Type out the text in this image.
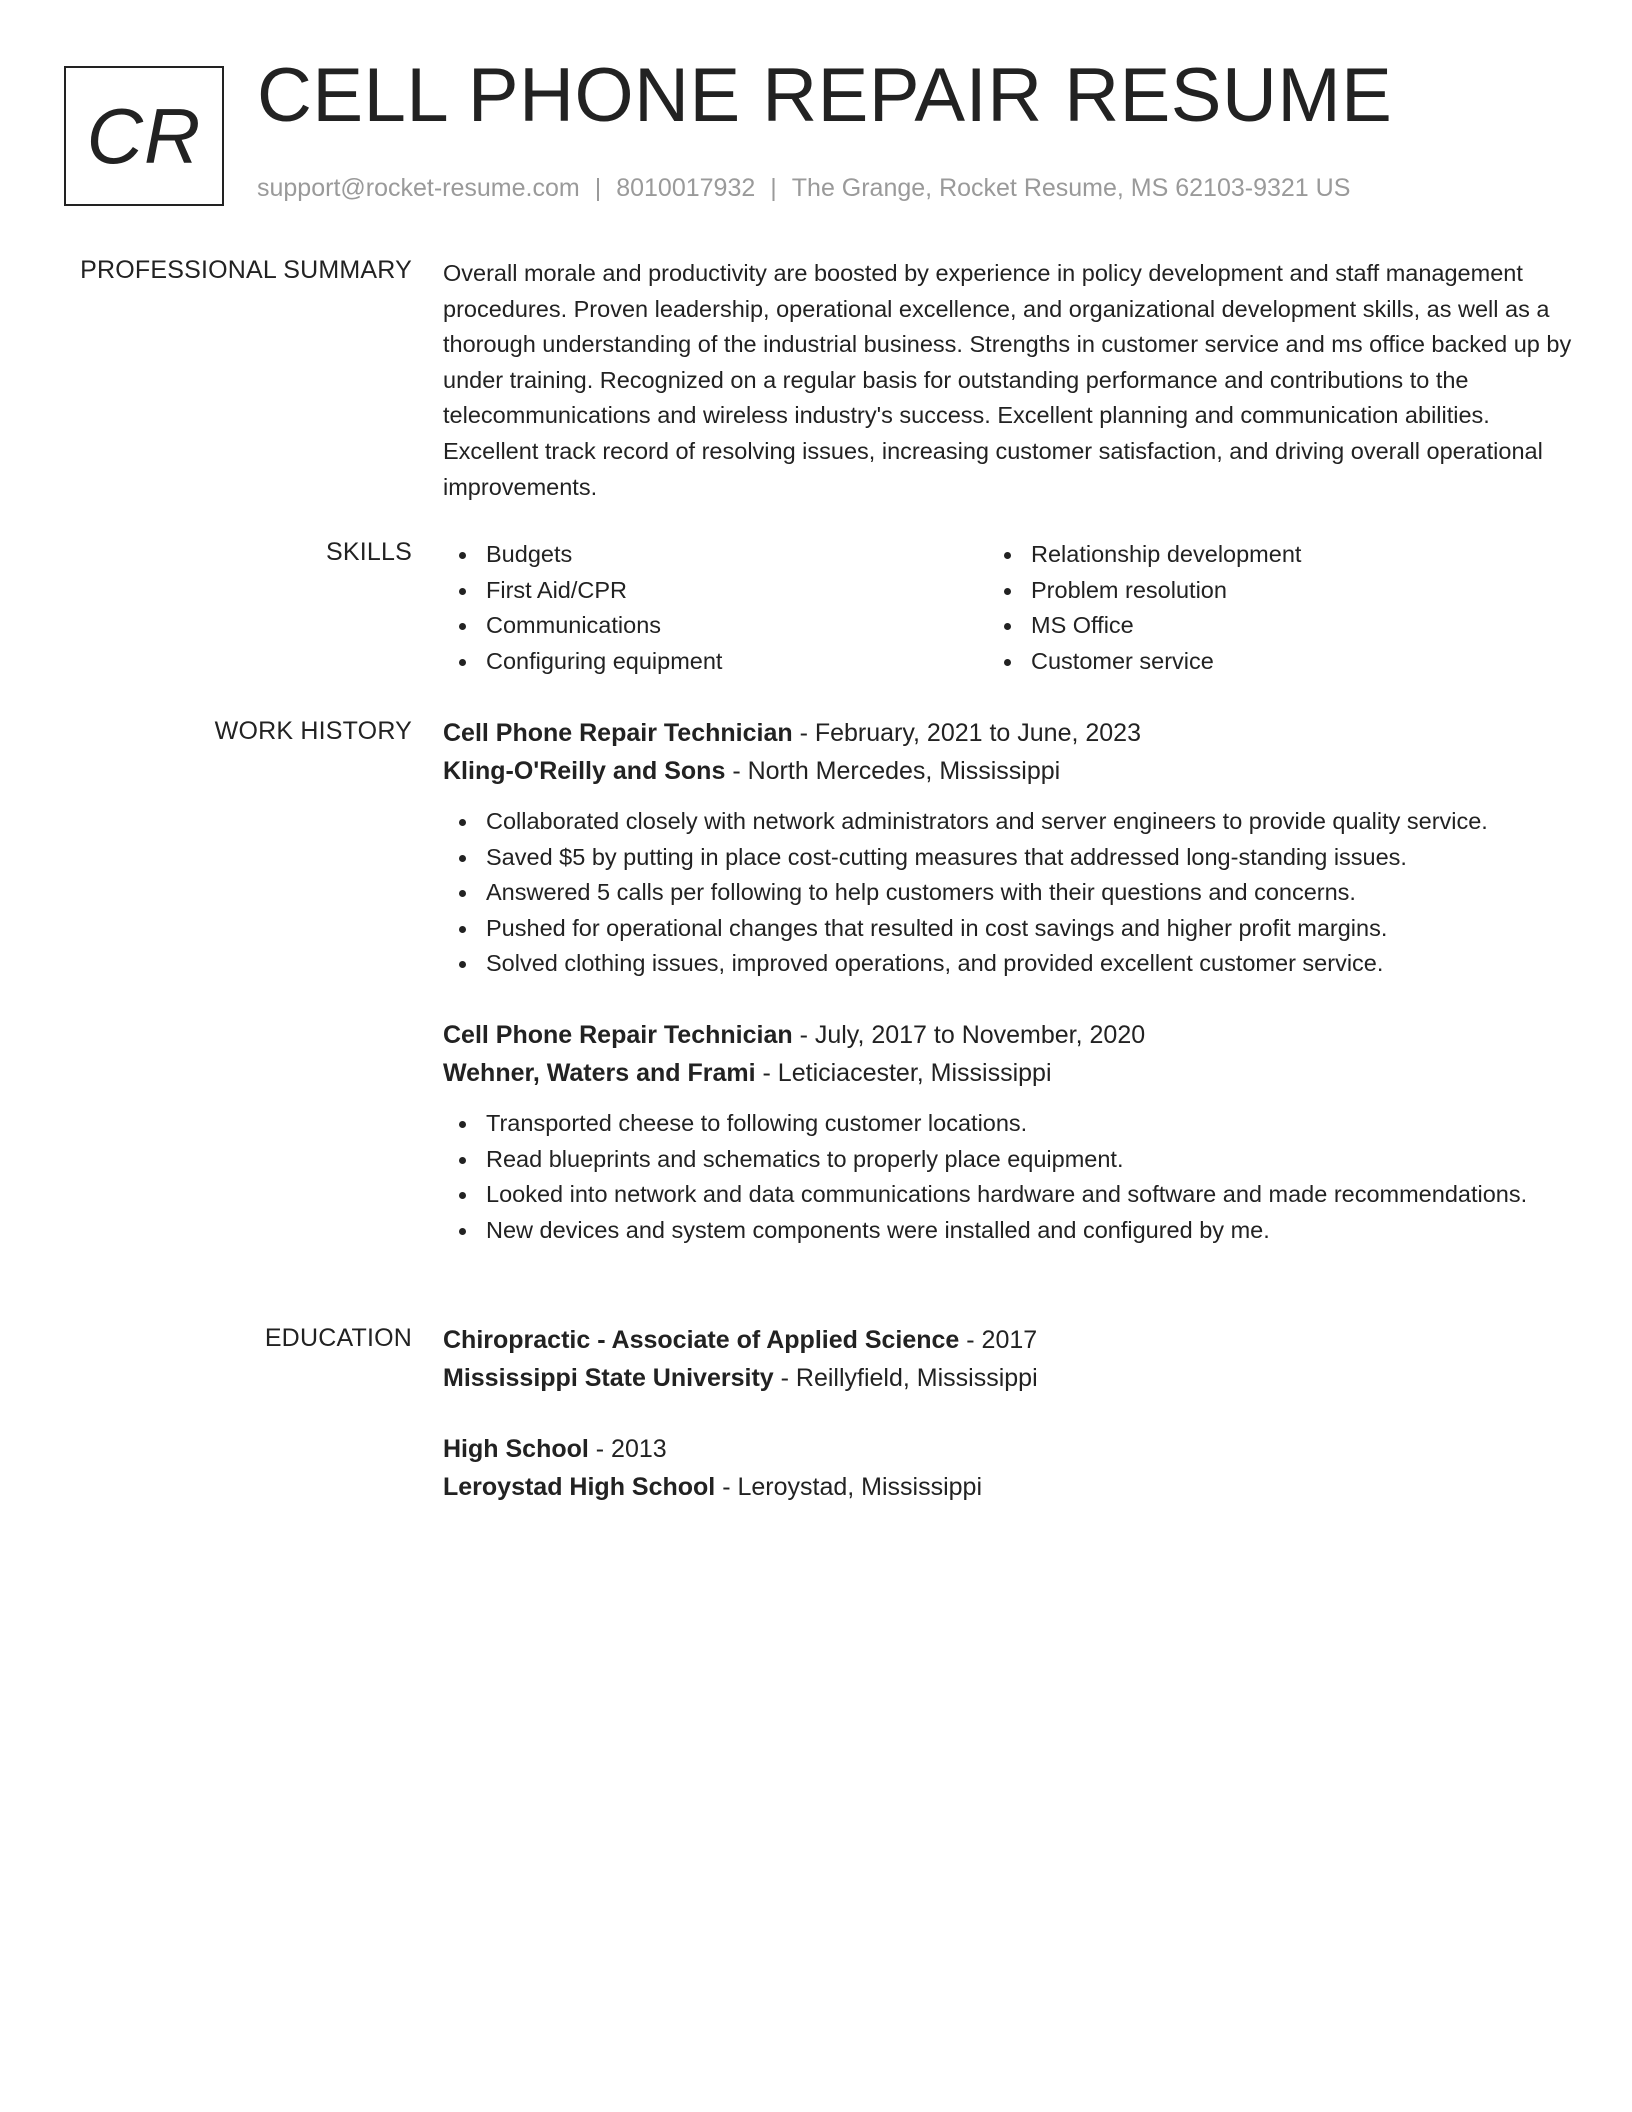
CR CELL PHONE REPAIR RESUME
support@rocket-resume.com | 8010017932 | The Grange, Rocket Resume, MS 62103-9321 US
PROFESSIONAL SUMMARY Overall morale and productivity are boosted by experience in policy development and staff management procedures. Proven leadership, operational excellence, and organizational development skills, as well as a thorough understanding of the industrial business. Strengths in customer service and ms office backed up by under training. Recognized on a regular basis for outstanding performance and contributions to the telecommunications and wireless industry's success. Excellent planning and communication abilities. Excellent track record of resolving issues, increasing customer satisfaction, and driving overall operational improvements.

SKILLS	Budgets
First Aid/CPR
Communications
Configuring equipment
Relationship development
Problem resolution
MS Office
Customer service
WORK HISTORY Cell Phone Repair Technician - February, 2021 to June, 2023
Kling-O'Reilly and Sons - North Mercedes, Mississippi
Collaborated closely with network administrators and server engineers to provide quality service.
Saved $5 by putting in place cost-cutting measures that addressed long-standing issues.
Answered 5 calls per following to help customers with their questions and concerns.
Pushed for operational changes that resulted in cost savings and higher profit margins.
Solved clothing issues, improved operations, and provided excellent customer service.
Cell Phone Repair Technician - July, 2017 to November, 2020
Wehner, Waters and Frami - Leticiacester, Mississippi
Transported cheese to following customer locations.
Read blueprints and schematics to properly place equipment.
Looked into network and data communications hardware and software and made recommendations.
New devices and system components were installed and configured by me.
EDUCATION Chiropractic - Associate of Applied Science - 2017
Mississippi State University - Reillyfield, Mississippi
High School - 2013
Leroystad High School - Leroystad, Mississippi
